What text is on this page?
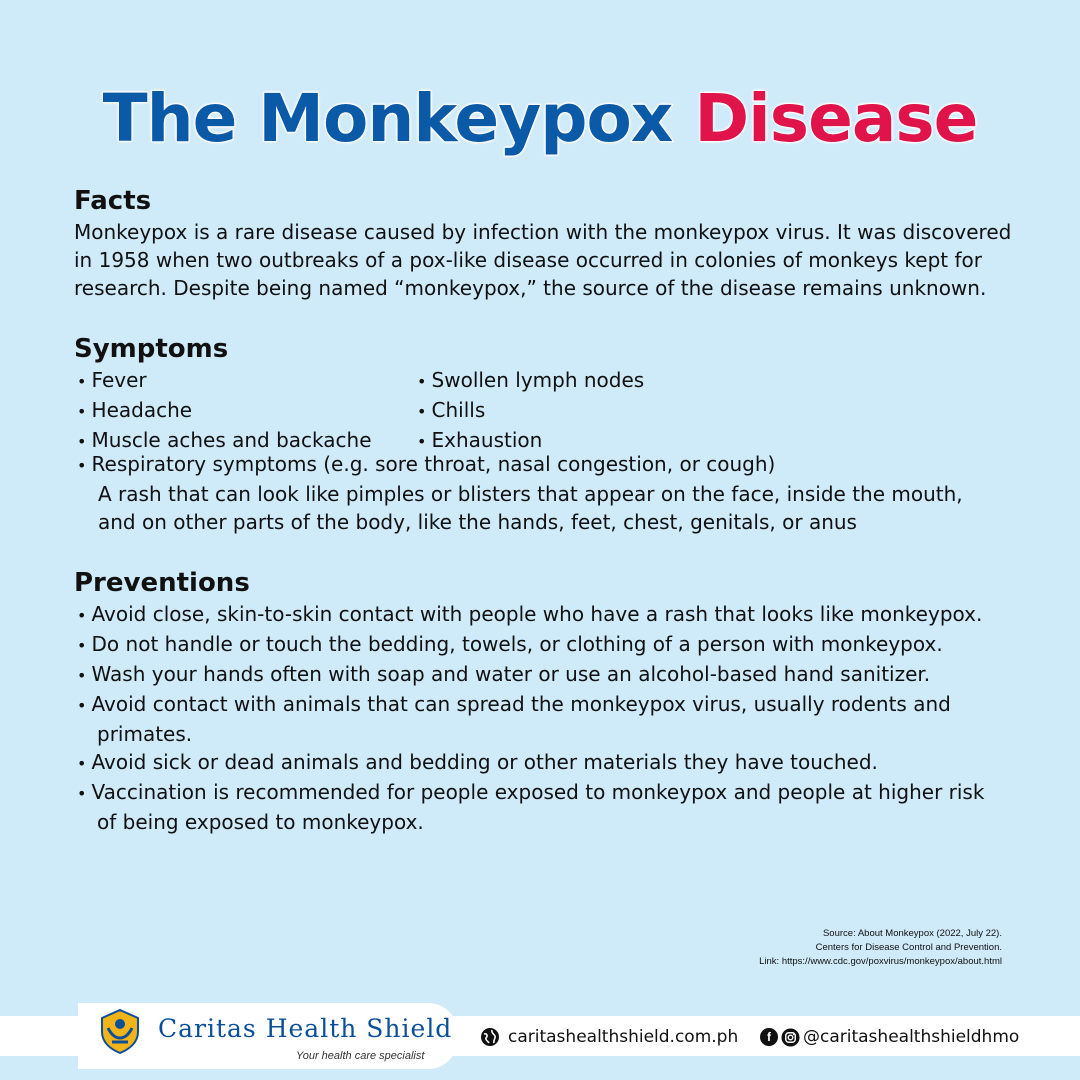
The Monkeypox Disease
Facts

Monkeypox is a rare disease caused by infection with the monkeypox virus. It was discovered in 1958 when two outbreaks of a pox-like disease occurred in colonies of monkeys kept for research. Despite being named “monkeypox,” the source of the disease remains unknown.

Symptoms
• Fever
• Headache
• Muscle aches and backache
• Swollen lymph nodes
• Chills
• Exhaustion
• Respiratory symptoms (e.g. sore throat, nasal congestion, or cough)
A rash that can look like pimples or blisters that appear on the face, inside the mouth, and on other parts of the body, like the hands, feet, chest, genitals, or anus
Preventions
• Avoid close, skin-to-skin contact with people who have a rash that looks like monkeypox.
• Do not handle or touch the bedding, towels, or clothing of a person with monkeypox.
• Wash your hands often with soap and water or use an alcohol-based hand sanitizer.
• Avoid contact with animals that can spread the monkeypox virus, usually rodents and primates.
• Avoid sick or dead animals and bedding or other materials they have touched.
• Vaccination is recommended for people exposed to monkeypox and people at higher risk of being exposed to monkeypox.
Source: About Monkeypox (2022, July 22).
Centers for Disease Control and Prevention.
Link: https://www.cdc.gov/poxvirus/monkeypox/about.html
Caritas Health Shield
Your health care specialist
caritashealthshield.com.ph	f	@caritashealthshieldhmo
